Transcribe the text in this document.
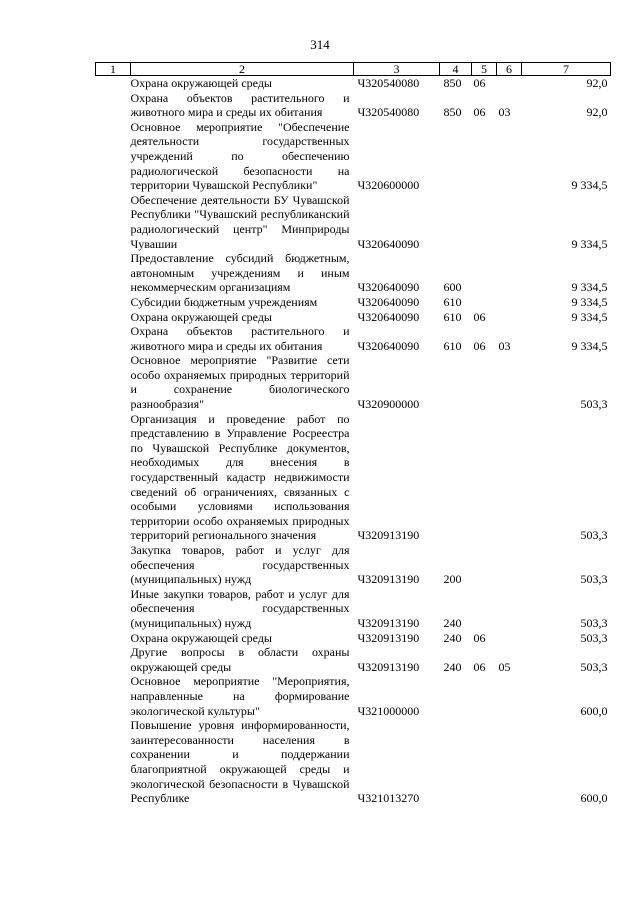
314
1	2	3	4	5	6	7
	Охрана окружающей среды	Ч320540080	850	06		92,0
	Охрана объектов растительного и животного мира и среды их обитания	Ч320540080	850	06	03	92,0
	Основное мероприятие "Обеспечение деятельности государственных учреждений по обеспечению радиологической безопасности на территории Чувашской Республики"	Ч320600000				9 334,5
	Обеспечение деятельности БУ Чувашской Республики "Чувашский республиканский радиологический центр" Минприроды Чувашии	Ч320640090				9 334,5
	Предоставление субсидий бюджетным, автономным учреждениям и иным некоммерческим организациям	Ч320640090	600			9 334,5
	Субсидии бюджетным учреждениям	Ч320640090	610			9 334,5
	Охрана окружающей среды	Ч320640090	610	06		9 334,5
	Охрана объектов растительного и животного мира и среды их обитания	Ч320640090	610	06	03	9 334,5
	Основное мероприятие "Развитие сети особо охраняемых природных территорий и сохранение биологического разнообразия"	Ч320900000				503,3
	Организация и проведение работ по представлению в Управление Росреестра по Чувашской Республике документов, необходимых для внесения в государственный кадастр недвижимости сведений об ограничениях, связанных с особыми условиями использования территории особо охраняемых природных территорий регионального значения	Ч320913190				503,3
	Закупка товаров, работ и услуг для обеспечения государственных (муниципальных) нужд	Ч320913190	200			503,3
	Иные закупки товаров, работ и услуг для обеспечения государственных (муниципальных) нужд	Ч320913190	240			503,3
	Охрана окружающей среды	Ч320913190	240	06		503,3
	Другие вопросы в области охраны окружающей среды	Ч320913190	240	06	05	503,3
	Основное мероприятие "Мероприятия, направленные на формирование экологической культуры"	Ч321000000				600,0
	Повышение уровня информированности, заинтересованности населения в сохранении и поддержании благоприятной окружающей среды и экологической безопасности в Чувашской Республике	Ч321013270				600,0
